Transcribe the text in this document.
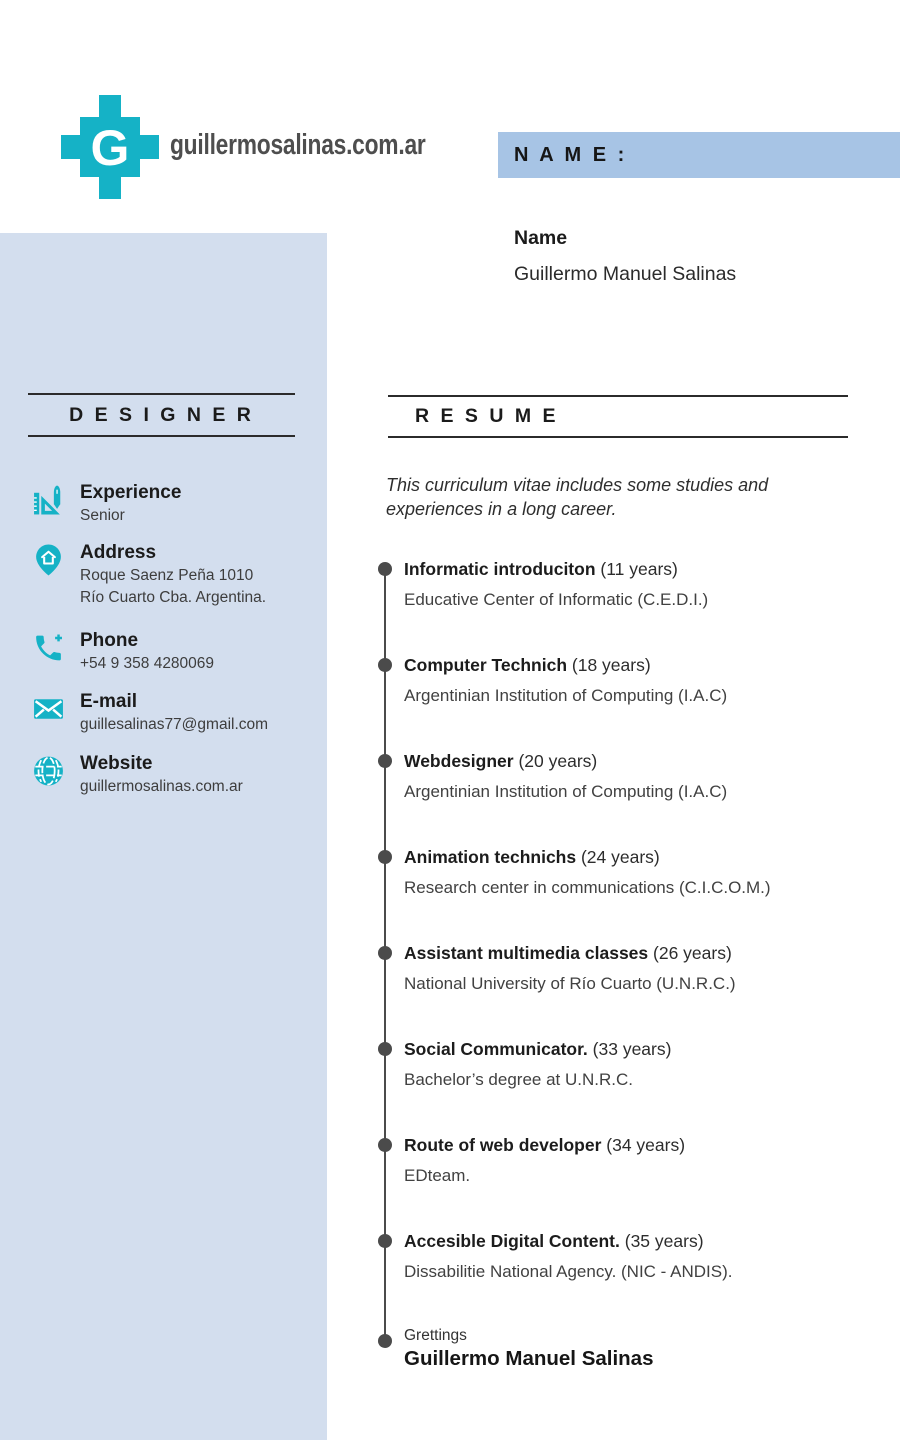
G guillermosalinas.com.ar	N A M E :
Name
Guillermo Manuel Salinas
D E S I G N E R
Experience
Senior
Address
Roque Saenz Peña 1010
Río Cuarto Cba. Argentina.
Phone
+54 9 358 4280069
E-mail
guillesalinas77@gmail.com
Website
guillermosalinas.com.ar
R E S U M E
This curriculum vitae includes some studies and experiences in a long career.
Informatic introduciton (11 years)
Educative Center of Informatic (C.E.D.I.)
Computer Technich (18 years)
Argentinian Institution of Computing (I.A.C)
Webdesigner (20 years)
Argentinian Institution of Computing (I.A.C)
Animation technichs (24 years)
Research center in communications (C.I.C.O.M.)
Assistant multimedia classes (26 years)
National University of Río Cuarto (U.N.R.C.)
Social Communicator. (33 years)
Bachelor’s degree at U.N.R.C.
Route of web developer (34 years)
EDteam.
Accesible Digital Content. (35 years)
Dissabilitie National Agency. (NIC - ANDIS).
Grettings
Guillermo Manuel Salinas
